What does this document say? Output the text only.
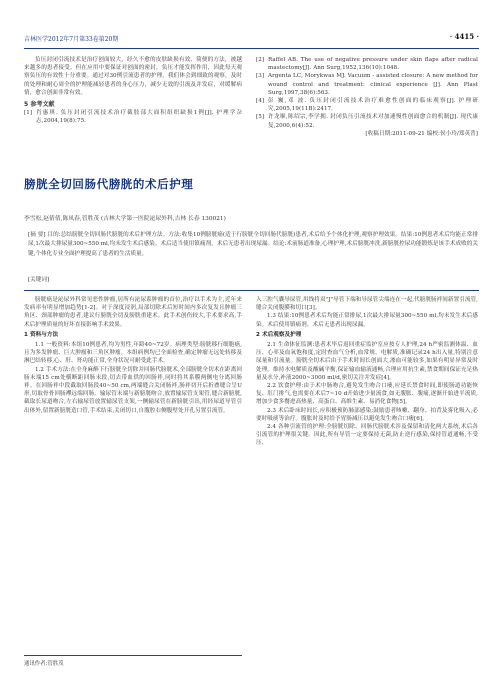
吉林医学2012年7月第33卷第20期	· 4415 ·

负压封闭引流技术是治疗创面较大，经久不愈的皮肤缺损有效、简便的方法，被越来越多的患者接受。但在应用中要保证对创面的密封，负压才能发挥作用，因此每天观察负压的有效性十分重要。通过对30例引流患者的护理，我们体会到细致的观察，及时的处理和耐心周全的护理能减轻患者的身心压力，减少无效的引流及并发症，对缓解病情，愈合创面非常有效。

5 参考文献

[1] 肖惠琪. 负压封闭引流技术治疗截肢部大面积组织缺损1例[J]. 护理学杂志,2004,19(8):75.

[2] Raffel AB. The use of negative pressure under skin flaps after radical mastectomy[J]. Ann Surg,1952,136(10):1048.

[3] Argenta LC, Morykwas MJ. Vacuum - assisted closure: A new method for wound control and treatment: clinical experience [J]. Ann Plast Surg,1997,38(6):563.

[4] 彭 巍,邓 波. 负压封闭引流技术治疗难愈性创面的临床观察[J]. 护理研究,2005,19(11B):2417.

[5] 许龙顺,陈绍宗,李学拥. 封闭负压引流技术对加速慢性创面愈合的机制[J]. 现代康复,2000,6(4):52.

[收稿日期:2011-09-21 编校:侯小玲/郑英普]

膀胱全切回肠代膀胱的术后护理
李雪松,赵倩倩,陈凤春,管胜茂 (吉林大学第一医院泌尿外科,吉林 长春 130021)

[摘 要] 目的:总结膀胱全切回肠代膀胱的术后护理方法。方法:收集10例膀胱癌(适于行膀胱全切回肠代膀胱)患者,术后给予个体化护理,观察护理效果。结果:10例患者术后均能正常排尿,1次最大排尿量300~550 ml,均未发生术后感染。术后适当使用镇痛剂。术后无患者出现尿漏。结论:术前肠道准备,心理护理,术后膀胱冲洗,新膀胱控尿功能锻炼是该手术成败的关键,个体化专业全面护理提高了患者的生活质量。

[关键词]

膀胱癌是泌尿外科常见恶性肿瘤,居所有泌尿系肿瘤的首位,治疗以手术为主,近年来发病率有明显增加趋势[1-2]。对于深度浸润,局部切除术后短时间内多次复发且肿瘤三角区、颈部肿瘤的患者,建议行膀胱全切及膀胱重建术。此手术创伤较大,手术要求高,手术后护理质量的好坏直接影响手术效果。

1 资料与方法

1.1 一般资料:本组10例患者,均为男性,年龄40~72岁。病理类型:膀胱移行细胞癌,且为多发肿瘤、巨大肿瘤和三角区肿瘤。本组病例均已全面检查,确定肿瘤无远处转移及淋巴结转移,心、肝、肾功能正常,全身状况可耐受此手术。

1.2 手术方法:在全身麻醉下行膀胱全切除并回肠代膀胱术,全部膀胱全切术在距离回肠末端15 cm处横断距回肠末段,切去带血供的回肠袢,同时将其系膜两侧电分离回肠袢。在回肠袢中段截取回肠段40~50 cm,两端缝合关闭肠袢,肠袢切开后折叠缝合呈U形,切取骨骨回肠襻远端回肠。输尿管末端与新膀胱吻合,放置输尿管支架管,缝合新膀胱,截取长尿道吻合,左右输尿管放置输尿管支架,一侧输尿管在新膀胱引出,用经尿道导管引出体外,留置新膀胱造口管,手术结束,关闭切口,自腹腔右侧腹壁处开孔另置引流管。

入三腔气囊导尿管,用线将双"J"导管下端和导尿管尖端连在一起,代膀胱肠袢间新置引流管,缝合关闭腹膜和切口[3]。

1.3 结果:10例患者术后均能正常排尿,1次最大排尿量300~550 ml,均未发生术后感染。术后使用镇痛剂。术后无患者出现尿漏。

2 术后观察及护理

2.1 生命体征监测:患者术毕后返回重症监护室应按专人护理,24 h严密监测体温、血压、心率及血氧饱和度,定时查血气分析,血常规、电解质,准确记录24 h出入量,特别注意尿量和引流量。膀胱全切术后由于手术时间长创面大,渗血可能较多,如果有明显异常及时处理。维持水电解质及酸碱平衡,保证输血输液通畅,合理应用抗生素,禁食期间保证充足热量及水分,补液2000~3000 ml/d,密切关注并发症[4]。

2.2 饮食护理:由于术中肠吻合,避免发生吻合口瘘,应延长禁食时间,即使肠道功能恢复、肛门排气,也需要在术后7~10 d开始进少量流食,如无腹胀、腹痛,逐渐开始进半流质,增加少食多餐进高热量、高蛋白、高维生素、易消化食物[5]。

2.3 术后卧床时间长,应积极预防肺部感染;鼓励患者咳嗽、翻身、拍背及雾化吸入,必要时吸痰等治疗。腹胀时及时给予胃肠减压以避免发生吻合口瘘[6]。

2.4 各种引流管的护理:全膀胱切除、回肠代膀胱术涉及保留和清化两大系统,术后各引流管的护理很关键。因此,所有导管一定要保持无菌,防止逆行感染,保持管道通畅,不受压、

通讯作者:管胜茂
